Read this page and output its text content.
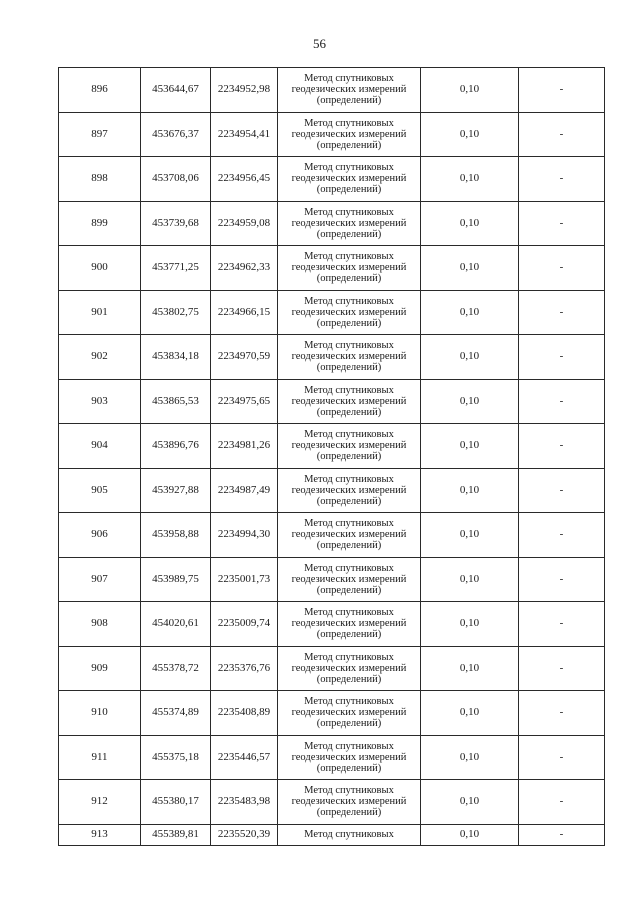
56
896	453644,67	2234952,98	Метод спутниковых геодезических измерений (определений)	0,10	-
897	453676,37	2234954,41	Метод спутниковых геодезических измерений (определений)	0,10	-
898	453708,06	2234956,45	Метод спутниковых геодезических измерений (определений)	0,10	-
899	453739,68	2234959,08	Метод спутниковых геодезических измерений (определений)	0,10	-
900	453771,25	2234962,33	Метод спутниковых геодезических измерений (определений)	0,10	-
901	453802,75	2234966,15	Метод спутниковых геодезических измерений (определений)	0,10	-
902	453834,18	2234970,59	Метод спутниковых геодезических измерений (определений)	0,10	-
903	453865,53	2234975,65	Метод спутниковых геодезических измерений (определений)	0,10	-
904	453896,76	2234981,26	Метод спутниковых геодезических измерений (определений)	0,10	-
905	453927,88	2234987,49	Метод спутниковых геодезических измерений (определений)	0,10	-
906	453958,88	2234994,30	Метод спутниковых геодезических измерений (определений)	0,10	-
907	453989,75	2235001,73	Метод спутниковых геодезических измерений (определений)	0,10	-
908	454020,61	2235009,74	Метод спутниковых геодезических измерений (определений)	0,10	-
909	455378,72	2235376,76	Метод спутниковых геодезических измерений (определений)	0,10	-
910	455374,89	2235408,89	Метод спутниковых геодезических измерений (определений)	0,10	-
911	455375,18	2235446,57	Метод спутниковых геодезических измерений (определений)	0,10	-
912	455380,17	2235483,98	Метод спутниковых геодезических измерений (определений)	0,10	-
913	455389,81	2235520,39	Метод спутниковых	0,10	-
